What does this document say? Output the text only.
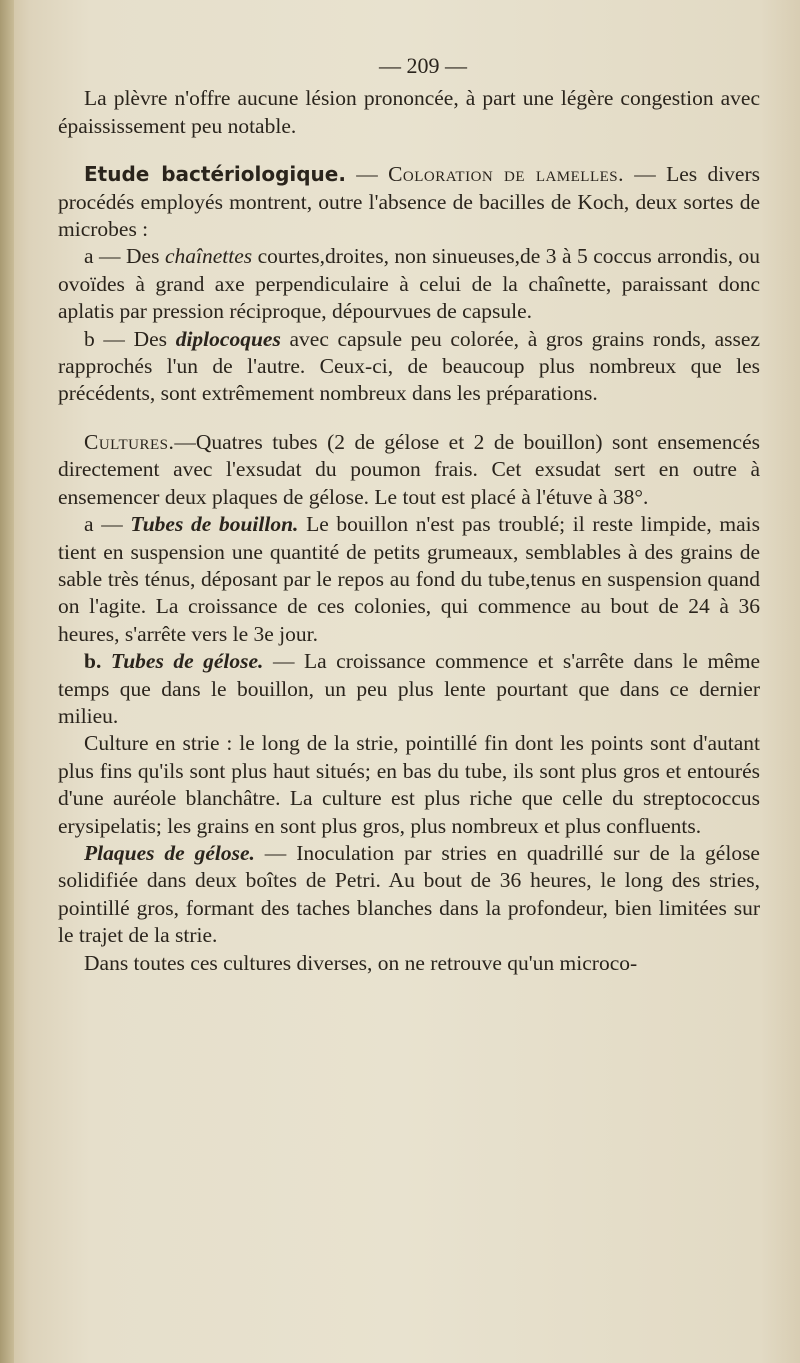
— 209 —

La plèvre n'offre aucune lésion prononcée, à part une légère congestion avec épaississement peu notable.

Etude bactériologique. — Coloration de lamelles. — Les divers procédés employés montrent, outre l'absence de bacilles de Koch, deux sortes de microbes :

a — Des chaînettes courtes,droites, non sinueuses,de 3 à 5 coccus arrondis, ou ovoïdes à grand axe perpendiculaire à celui de la chaînette, paraissant donc aplatis par pression réciproque, dépourvues de capsule.

b — Des diplocoques avec capsule peu colorée, à gros grains ronds, assez rapprochés l'un de l'autre. Ceux-ci, de beaucoup plus nombreux que les précédents, sont extrêmement nombreux dans les préparations.

Cultures.—Quatres tubes (2 de gélose et 2 de bouillon) sont ensemencés directement avec l'exsudat du poumon frais. Cet exsudat sert en outre à ensemencer deux plaques de gélose. Le tout est placé à l'étuve à 38°.

a — Tubes de bouillon. Le bouillon n'est pas troublé; il reste limpide, mais tient en suspension une quantité de petits grumeaux, semblables à des grains de sable très ténus, déposant par le repos au fond du tube,tenus en suspension quand on l'agite. La croissance de ces colonies, qui commence au bout de 24 à 36 heures, s'arrête vers le 3e jour.

b. Tubes de gélose. — La croissance commence et s'arrête dans le même temps que dans le bouillon, un peu plus lente pourtant que dans ce dernier milieu.

Culture en strie : le long de la strie, pointillé fin dont les points sont d'autant plus fins qu'ils sont plus haut situés; en bas du tube, ils sont plus gros et entourés d'une auréole blanchâtre. La culture est plus riche que celle du streptococcus erysipelatis; les grains en sont plus gros, plus nombreux et plus confluents.

Plaques de gélose. — Inoculation par stries en quadrillé sur de la gélose solidifiée dans deux boîtes de Petri. Au bout de 36 heures, le long des stries, pointillé gros, formant des taches blanches dans la profondeur, bien limitées sur le trajet de la strie.

Dans toutes ces cultures diverses, on ne retrouve qu'un microco-
